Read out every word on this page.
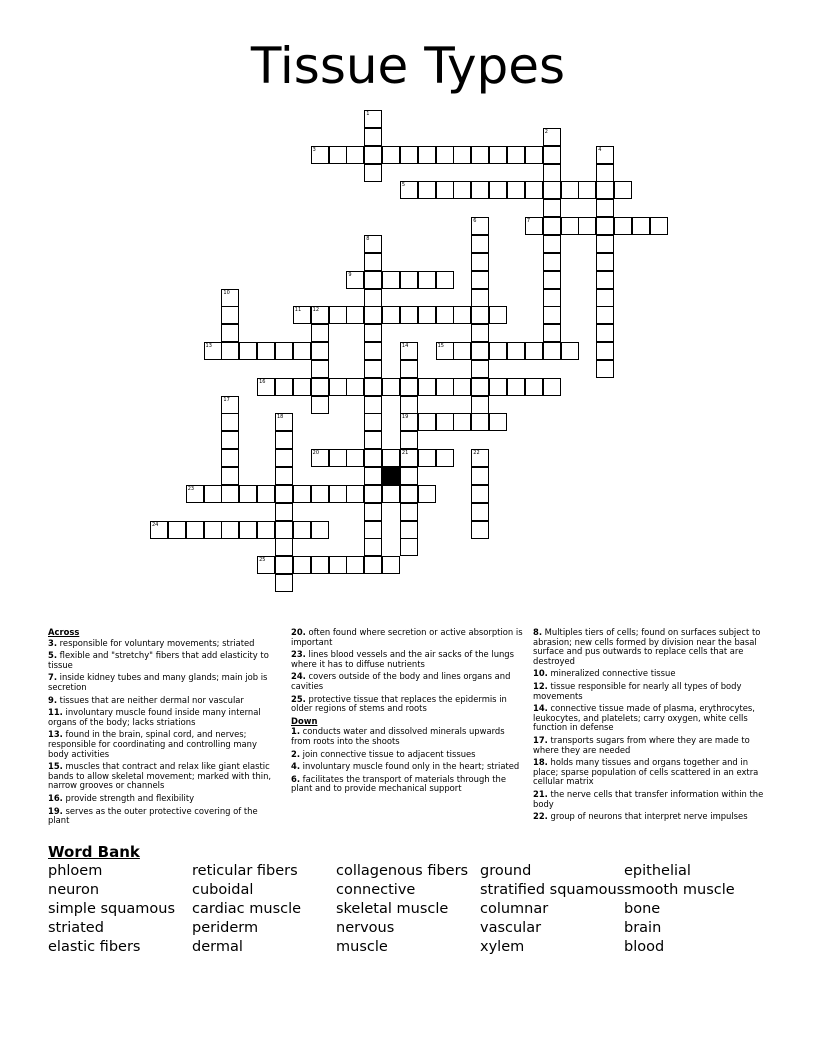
Tissue Types
1
2
3	4
5
6	7
8
9
10
11 12
13	14
19
21
15
16
17
18
20	22
23
24
25
Across
3. responsible for voluntary movements; striated
5. flexible and "stretchy" fibers that add elasticity to tissue
7. inside kidney tubes and many glands; main job is secretion
9. tissues that are neither dermal nor vascular
11. involuntary muscle found inside many internal organs of the body; lacks striations
13. found in the brain, spinal cord, and nerves; responsible for coordinating and controlling many body activities
15. muscles that contract and relax like giant elastic bands to allow skeletal movement; marked with thin, narrow grooves or channels
16. provide strength and flexibility
19. serves as the outer protective covering of the plant
20. often found where secretion or active absorption is important
23. lines blood vessels and the air sacks of the lungs where it has to diffuse nutrients
24. covers outside of the body and lines organs and cavities
25. protective tissue that replaces the epidermis in older regions of stems and roots
Down
1. conducts water and dissolved minerals upwards from roots into the shoots
2. join connective tissue to adjacent tissues
4. involuntary muscle found only in the heart; striated
6. facilitates the transport of materials through the plant and to provide mechanical support
8. Multiples tiers of cells; found on surfaces subject to abrasion; new cells formed by division near the basal surface and pus outwards to replace cells that are destroyed
10. mineralized connective tissue
12. tissue responsible for nearly all types of body movements
14. connective tissue made of plasma, erythrocytes, leukocytes, and platelets; carry oxygen, white cells function in defense
17. transports sugars from where they are made to where they are needed
18. holds many tissues and organs together and in place; sparse population of cells scattered in an extra cellular matrix
21. the nerve cells that transfer information within the body
22. group of neurons that interpret nerve impulses
Word Bank
phloem
neuron
simple squamous
striated
elastic fibers
reticular fibers
cuboidal
cardiac muscle
periderm
dermal
collagenous fibers
connective
skeletal muscle
nervous
muscle
ground
stratified squamous
columnar
vascular
xylem
epithelial
smooth muscle
bone
brain
blood
